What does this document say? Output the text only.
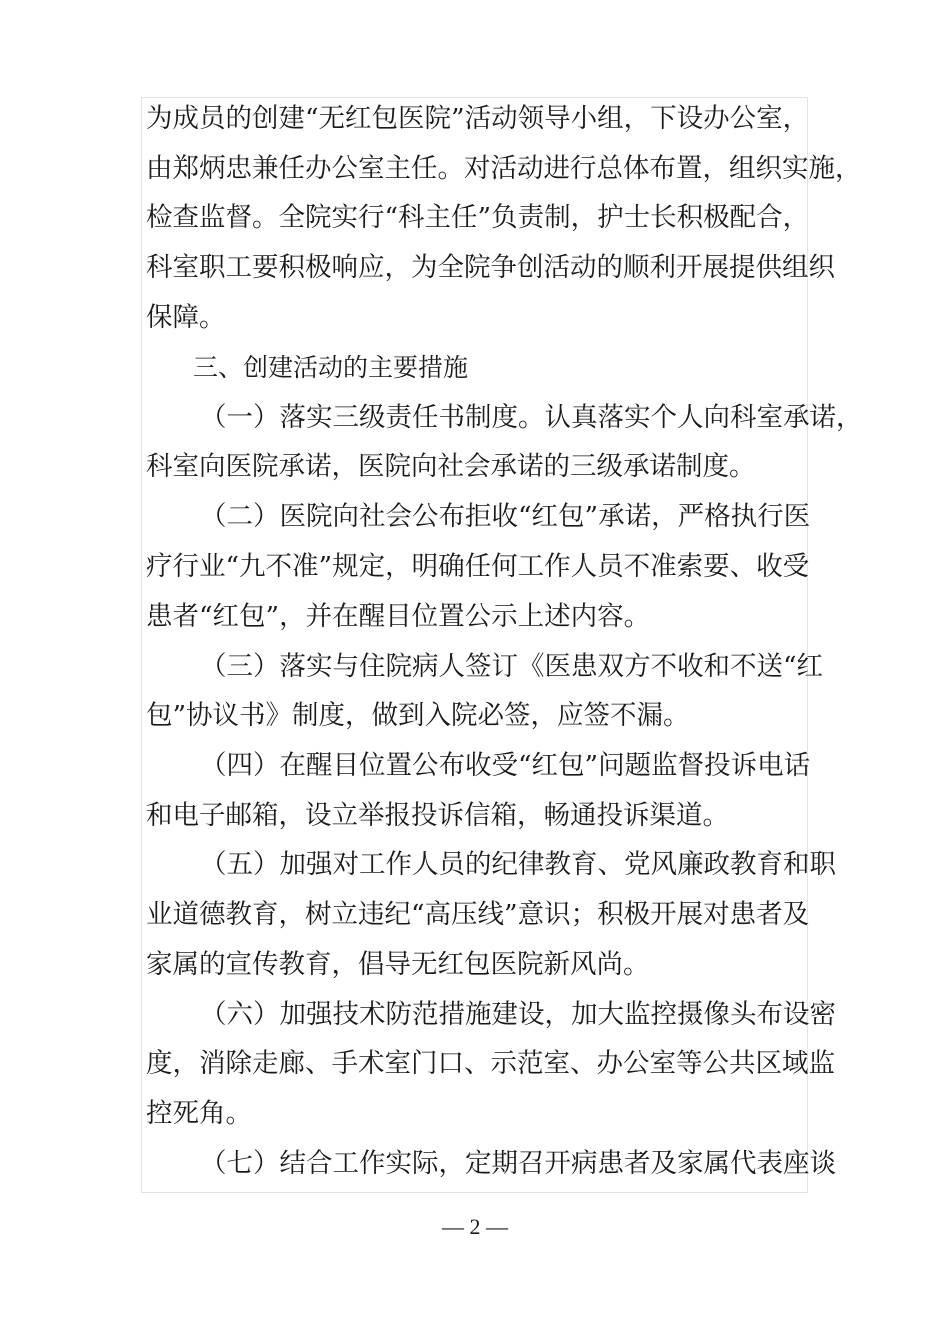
为成员的创建“无红包医院”活动领导小组，下设办公室，

由郑炳忠兼任办公室主任。对活动进行总体布置，组织实施，

检查监督。全院实行“科主任”负责制，护士长积极配合，

科室职工要积极响应，为全院争创活动的顺利开展提供组织

保障。

三、创建活动的主要措施

（一）落实三级责任书制度。认真落实个人向科室承诺，

科室向医院承诺，医院向社会承诺的三级承诺制度。

（二）医院向社会公布拒收“红包”承诺，严格执行医

疗行业“九不准”规定，明确任何工作人员不准索要、收受

患者“红包”，并在醒目位置公示上述内容。

（三）落实与住院病人签订《医患双方不收和不送“红

包”协议书》制度，做到入院必签，应签不漏。

（四）在醒目位置公布收受“红包”问题监督投诉电话

和电子邮箱，设立举报投诉信箱，畅通投诉渠道。

（五）加强对工作人员的纪律教育、党风廉政教育和职

业道德教育，树立违纪“高压线”意识；积极开展对患者及

家属的宣传教育，倡导无红包医院新风尚。

（六）加强技术防范措施建设，加大监控摄像头布设密

度，消除走廊、手术室门口、示范室、办公室等公共区域监

控死角。

（七）结合工作实际，定期召开病患者及家属代表座谈

— 2 —
